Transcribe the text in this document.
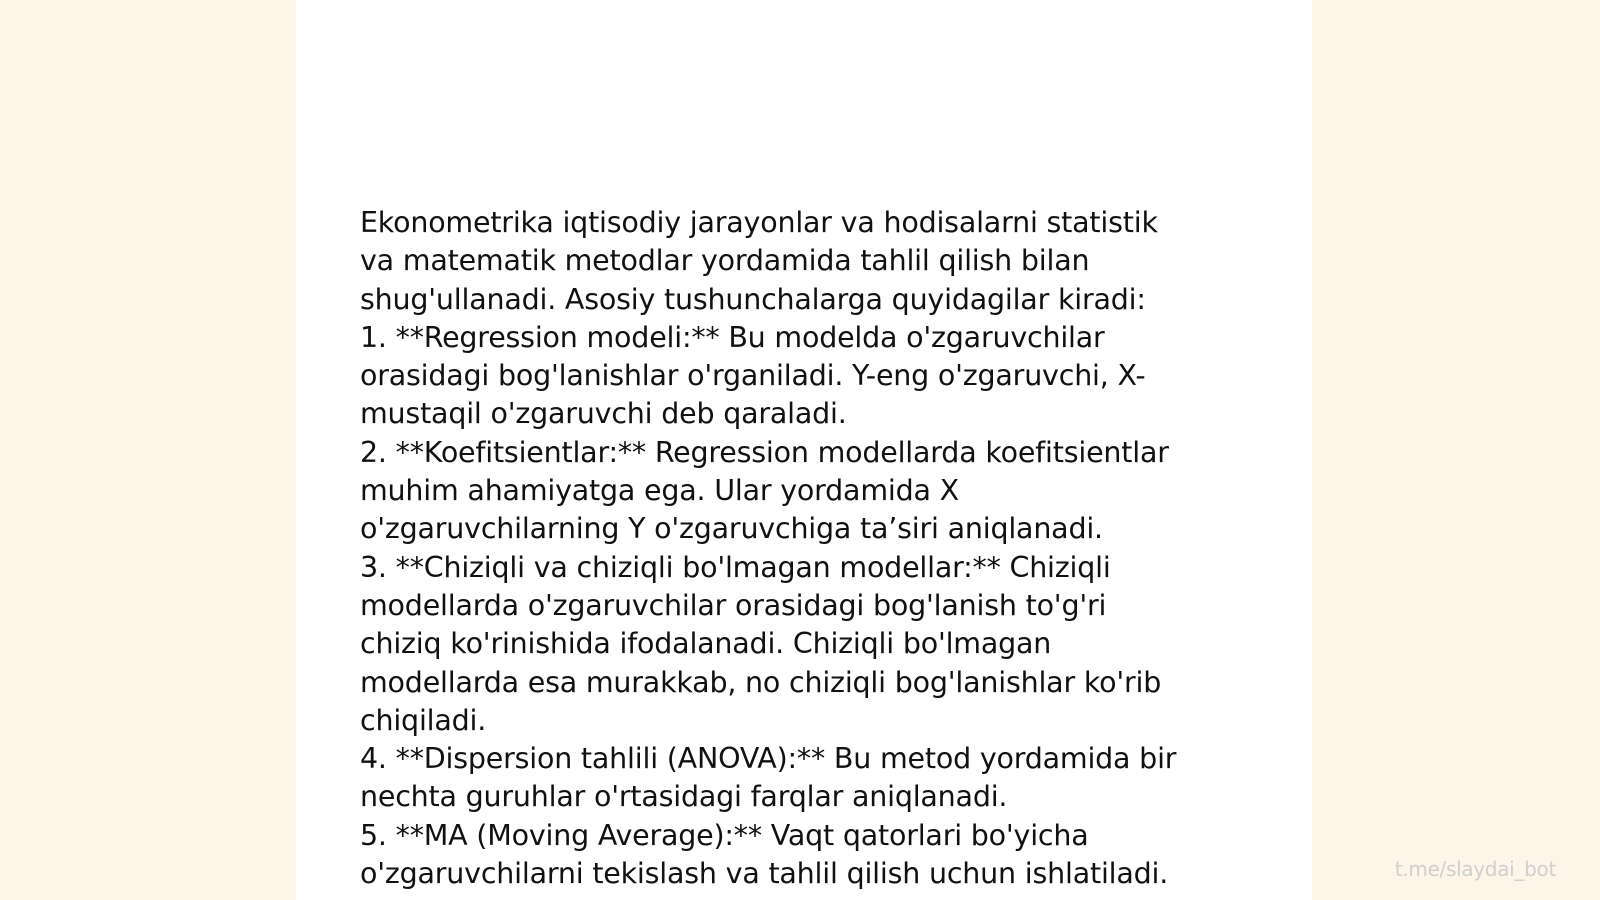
Ekonometrika iqtisodiy jarayonlar va hodisalarni statistik
va matematik metodlar yordamida tahlil qilish bilan
shug'ullanadi. Asosiy tushunchalarga quyidagilar kiradi:
1. **Regression modeli:** Bu modelda o'zgaruvchilar
orasidagi bog'lanishlar o'rganiladi. Y-eng o'zgaruvchi, X-
mustaqil o'zgaruvchi deb qaraladi.
2. **Koefitsientlar:** Regression modellarda koefitsientlar
muhim ahamiyatga ega. Ular yordamida X
o'zgaruvchilarning Y o'zgaruvchiga ta’siri aniqlanadi.
3. **Chiziqli va chiziqli bo'lmagan modellar:** Chiziqli
modellarda o'zgaruvchilar orasidagi bog'lanish to'g'ri
chiziq ko'rinishida ifodalanadi. Chiziqli bo'lmagan
modellarda esa murakkab, no chiziqli bog'lanishlar ko'rib
chiqiladi.
4. **Dispersion tahlili (ANOVA):** Bu metod yordamida bir
nechta guruhlar o'rtasidagi farqlar aniqlanadi.
5. **MA (Moving Average):** Vaqt qatorlari bo'yicha
o'zgaruvchilarni tekislash va tahlil qilish uchun ishlatiladi.	t.me/slaydai_bot
